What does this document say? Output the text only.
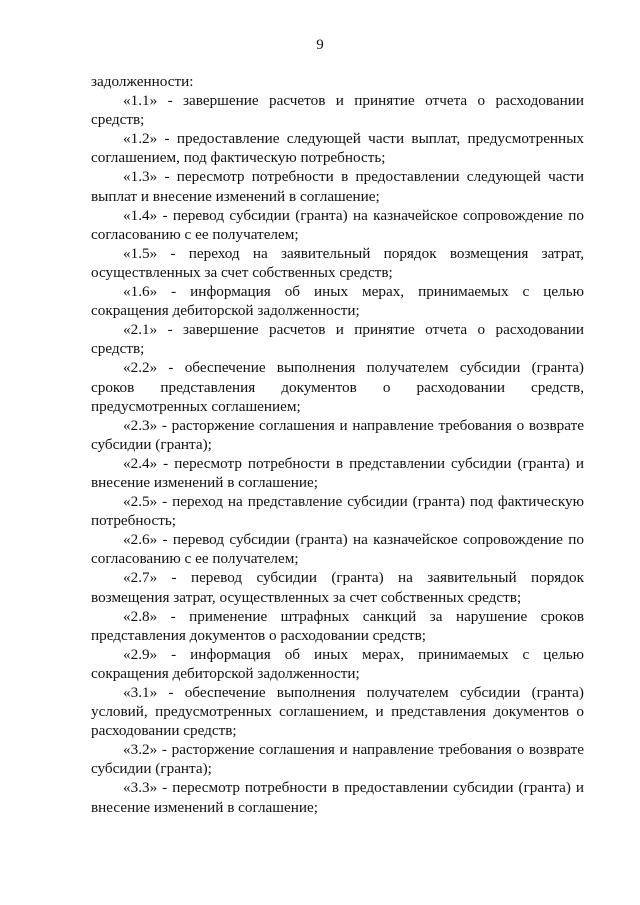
9

задолженности:

«1.1» - завершение расчетов и принятие отчета о расходовании средств;

«1.2» - предоставление следующей части выплат, предусмотренных соглашением, под фактическую потребность;

«1.3» - пересмотр потребности в предоставлении следующей части выплат и внесение изменений в соглашение;

«1.4» - перевод субсидии (гранта) на казначейское сопровождение по согласованию с ее получателем;

«1.5» - переход на заявительный порядок возмещения затрат, осуществленных за счет собственных средств;

«1.6» - информация об иных мерах, принимаемых с целью сокращения дебиторской задолженности;

«2.1» - завершение расчетов и принятие отчета о расходовании средств;

«2.2» - обеспечение выполнения получателем субсидии (гранта) сроков представления документов о расходовании средств, предусмотренных соглашением;

«2.3» - расторжение соглашения и направление требования о возврате субсидии (гранта);

«2.4» - пересмотр потребности в представлении субсидии (гранта) и внесение изменений в соглашение;

«2.5» - переход на представление субсидии (гранта) под фактическую потребность;

«2.6» - перевод субсидии (гранта) на казначейское сопровождение по согласованию с ее получателем;

«2.7» - перевод субсидии (гранта) на заявительный порядок возмещения затрат, осуществленных за счет собственных средств;

«2.8» - применение штрафных санкций за нарушение сроков представления документов о расходовании средств;

«2.9» - информация об иных мерах, принимаемых с целью сокращения дебиторской задолженности;

«3.1» - обеспечение выполнения получателем субсидии (гранта) условий, предусмотренных соглашением, и представления документов о расходовании средств;

«3.2» - расторжение соглашения и направление требования о возврате субсидии (гранта);

«3.3» - пересмотр потребности в предоставлении субсидии (гранта) и внесение изменений в соглашение;
